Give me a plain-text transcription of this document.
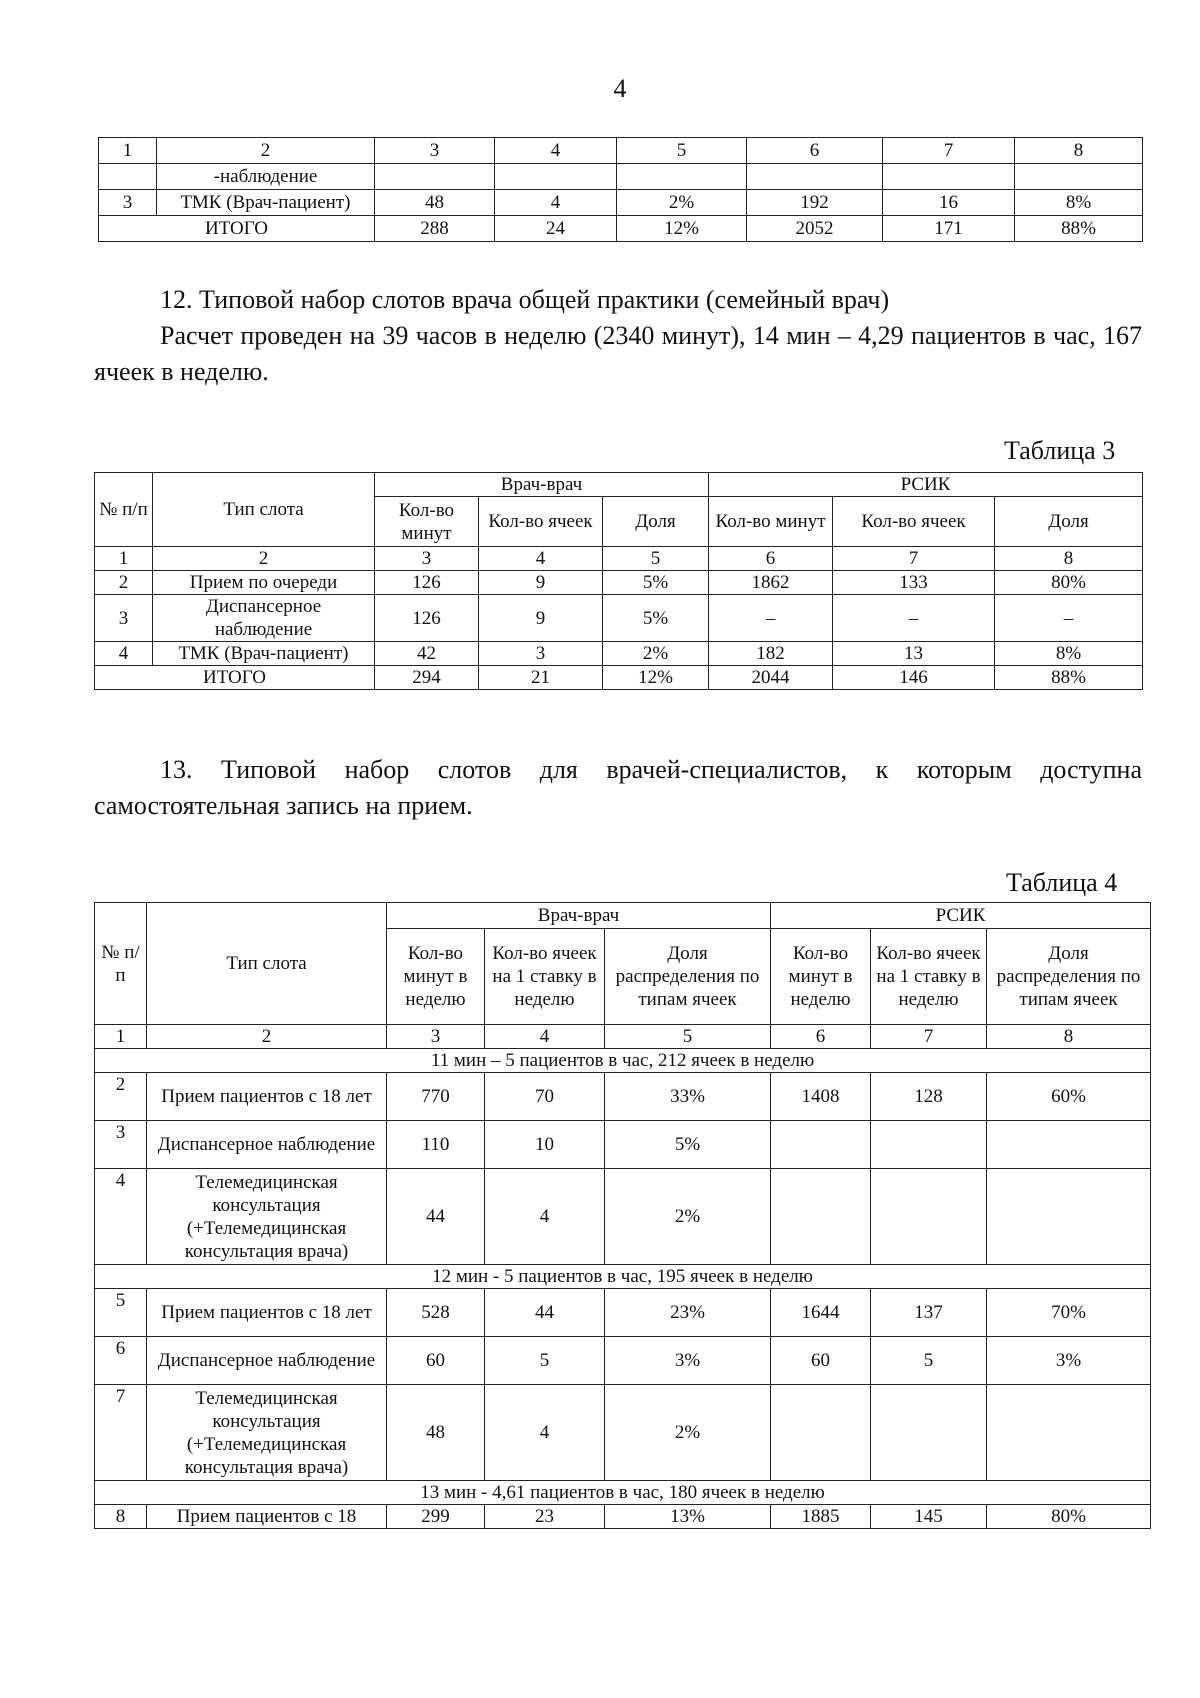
4
1	2	3	4	5	6	7	8
	-наблюдение						
3	ТМК (Врач-пациент)	48	4	2%	192	16	8%
ИТОГО		288	24	12%	2052	171	88%
12. Типовой набор слотов врача общей практики (семейный врач)
Расчет проведен на 39 часов в неделю (2340 минут), 14 мин – 4,29 пациентов в час, 167 ячеек в неделю.
Таблица 3
№ п/п	Тип слота	Врач-врач			РСИК		
		Кол-во минут	Кол-во ячеек	Доля	Кол-во минут	Кол-во ячеек	Доля
1	2	3	4	5	6	7	8
2	Прием по очереди	126	9	5%	1862	133	80%
3	Диспансерное наблюдение	126	9	5%	–	–	–
4	ТМК (Врач-пациент)	42	3	2%	182	13	8%
ИТОГО		294	21	12%	2044	146	88%
13. Типовой набор слотов для врачей-специалистов, к которым доступна самостоятельная запись на прием.
Таблица 4
№ п/п	Тип слота	Врач-врач			РСИК		
		Кол-во минут в неделю	Кол-во ячеек на 1 ставку в неделю	Доля распределения по типам ячеек	Кол-во минут в неделю	Кол-во ячеек на 1 ставку в неделю	Доля распределения по типам ячеек
1	2	3	4	5	6	7	8
11 мин – 5 пациентов в час, 212 ячеек в неделю							
2	Прием пациентов с 18 лет	770	70	33%	1408	128	60%
3	Диспансерное наблюдение	110	10	5%			
4	Телемедицинская консультация (+Телемедицинская консультация врача)	44	4	2%			
12 мин - 5 пациентов в час, 195 ячеек в неделю							
5	Прием пациентов с 18 лет	528	44	23%	1644	137	70%
6	Диспансерное наблюдение	60	5	3%	60	5	3%
7	Телемедицинская консультация (+Телемедицинская консультация врача)	48	4	2%			
13 мин - 4,61 пациентов в час, 180 ячеек в неделю							
8	Прием пациентов с 18	299	23	13%	1885	145	80%
